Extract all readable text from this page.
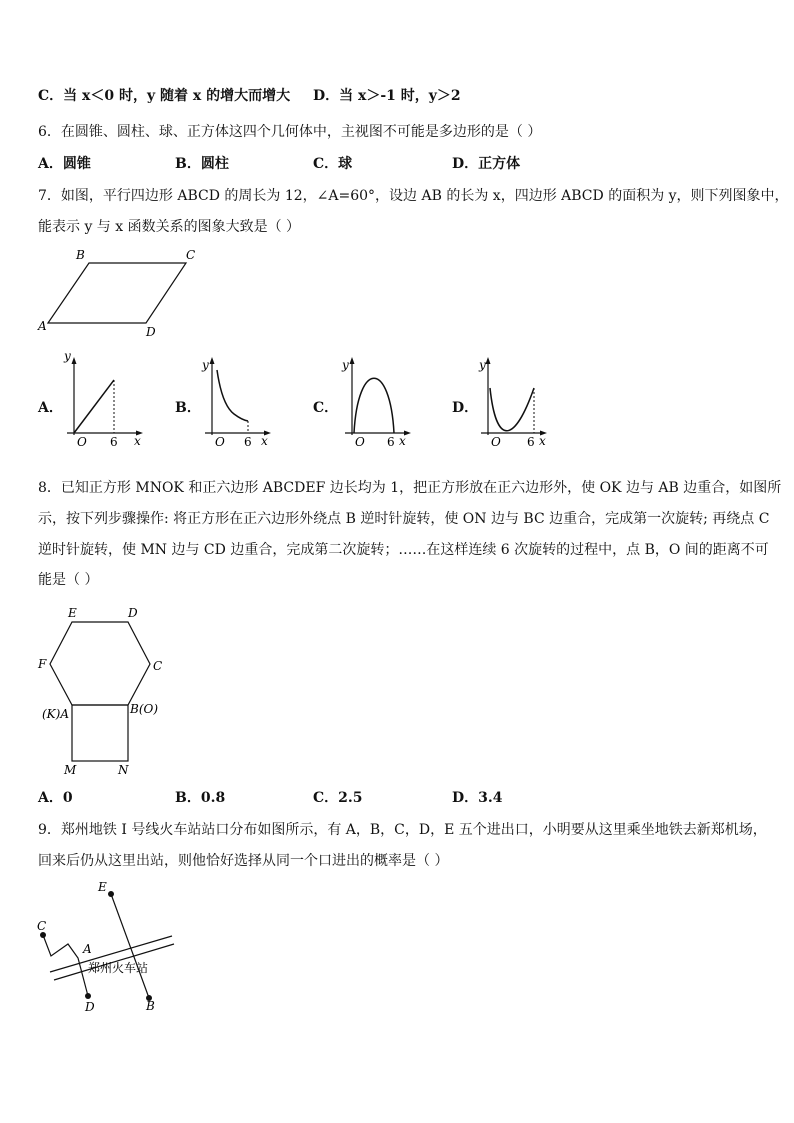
C．当 x＜0 时，y 随着 x 的增大而增大 D．当 x＞-1 时，y＞2
6．在圆锥、圆柱、球、正方体这四个几何体中，主视图不可能是多边形的是（ ）
A．圆锥	B．圆柱	C．球	D．正方体
7．如图，平行四边形 ABCD 的周长为 12，∠A=60°，设边 AB 的长为 x，四边形 ABCD 的面积为 y，则下列图象中，
能表示 y 与 x 函数关系的图象大致是（ ）
B	C
A	D
A．	B．	C．	D．
y
O 6 x
y
O 6 x
y
O 6 x
y
O 6 x
8．已知正方形 MNOK 和正六边形 ABCDEF 边长均为 1，把正方形放在正六边形外，使 OK 边与 AB 边重合，如图所
示，按下列步骤操作: 将正方形在正六边形外绕点 B 逆时针旋转，使 ON 边与 BC 边重合，完成第一次旋转; 再绕点 C
逆时针旋转，使 MN 边与 CD 边重合，完成第二次旋转；……在这样连续 6 次旋转的过程中，点 B，O 间的距离不可
能是（ ）
E	D
F	C
(K)A	B(O)
M	N
A．0	B．0.8	C．2.5	D．3.4
9．郑州地铁 I 号线火车站站口分布如图所示，有 A，B，C，D，E 五个进出口，小明要从这里乘坐地铁去新郑机场，
回来后仍从这里出站，则他恰好选择从同一个口进出的概率是（ ）
E
C
A
郑州火车站
D	B
